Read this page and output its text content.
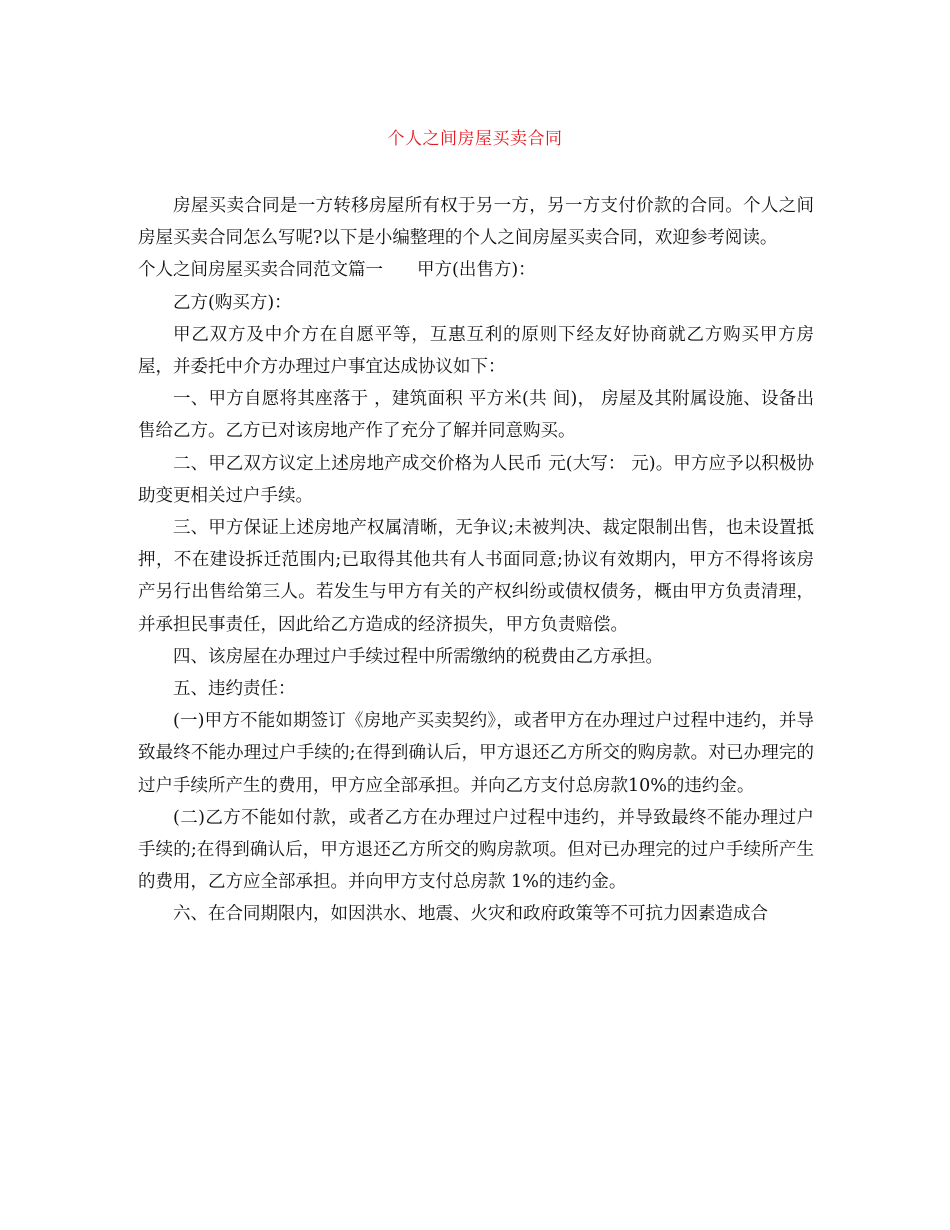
个人之间房屋买卖合同

房屋买卖合同是一方转移房屋所有权于另一方，另一方支付价款的合同。个人之间房屋买卖合同怎么写呢?以下是小编整理的个人之间房屋买卖合同，欢迎参考阅读。

个人之间房屋买卖合同范文篇一 甲方(出售方)：

乙方(购买方)：

甲乙双方及中介方在自愿平等，互惠互利的原则下经友好协商就乙方购买甲方房屋，并委托中介方办理过户事宜达成协议如下：

一、甲方自愿将其座落于 ，建筑面积 平方米(共 间)， 房屋及其附属设施、设备出售给乙方。乙方已对该房地产作了充分了解并同意购买。

二、甲乙双方议定上述房地产成交价格为人民币 元(大写： 元)。甲方应予以积极协助变更相关过户手续。

三、甲方保证上述房地产权属清晰，无争议;未被判决、裁定限制出售，也未设置抵押，不在建设拆迁范围内;已取得其他共有人书面同意;协议有效期内，甲方不得将该房产另行出售给第三人。若发生与甲方有关的产权纠纷或债权债务，概由甲方负责清理，并承担民事责任，因此给乙方造成的经济损失，甲方负责赔偿。

四、该房屋在办理过户手续过程中所需缴纳的税费由乙方承担。

五、违约责任：

(一)甲方不能如期签订《房地产买卖契约》，或者甲方在办理过户过程中违约，并导致最终不能办理过户手续的;在得到确认后，甲方退还乙方所交的购房款。对已办理完的过户手续所产生的费用，甲方应全部承担。并向乙方支付总房款10%的违约金。

(二)乙方不能如付款，或者乙方在办理过户过程中违约，并导致最终不能办理过户手续的;在得到确认后，甲方退还乙方所交的购房款项。但对已办理完的过户手续所产生的费用，乙方应全部承担。并向甲方支付总房款 1%的违约金。

六、在合同期限内，如因洪水、地震、火灾和政府政策等不可抗力因素造成合
